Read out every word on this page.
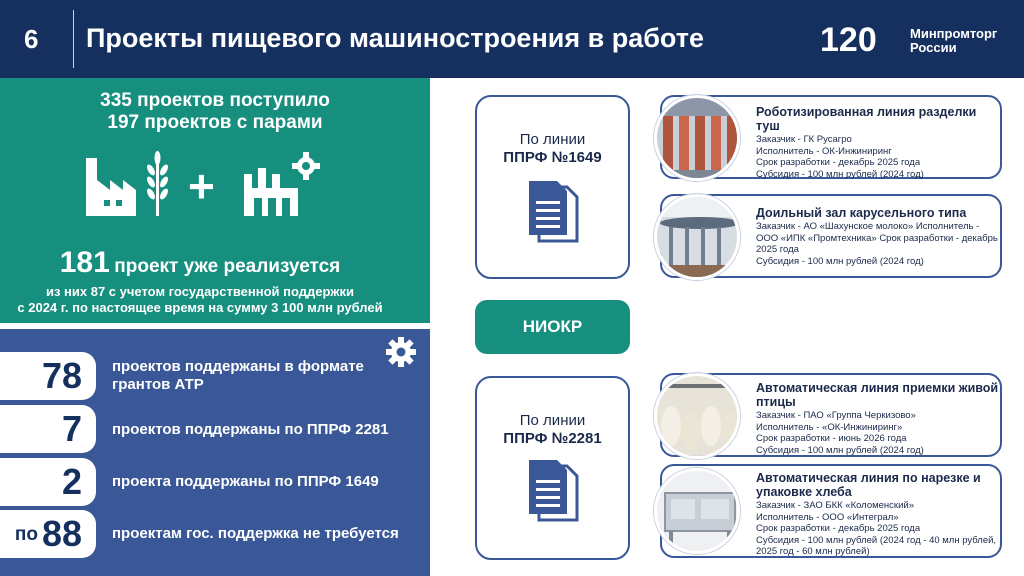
6 Проекты пищевого машиностроения в работе	120	Минпромторг
России
335 проектов поступило
197 проектов с парами
+
181 проект уже реализуется
из них 87 с учетом государственной поддержки
с 2024 г. по настоящее время на сумму 3 100 млн рублей
78	проектов поддержаны в формате грантов АТР
7	проектов поддержаны по ППРФ 2281
2	проекта поддержаны по ППРФ 1649
по 88	проектам гос. поддержка не требуется
По линии
ППРФ №1649
НИОКР
По линии
ППРФ №2281
Роботизированная линия разделки туш
Заказчик - ГК Русагро
Исполнитель - ОК-Инжиниринг
Срок разработки - декабрь 2025 года
Субсидия - 100 млн рублей (2024 год)
Доильный зал карусельного типа
Заказчик - АО «Шахунское молоко» Исполнитель - ООО «ИПК «Промтехника» Срок разработки - декабрь 2025 года
Субсидия - 100 млн рублей (2024 год)
Автоматическая линия приемки живой птицы
Заказчик - ПАО «Группа Черкизово»
Исполнитель - «ОК-Инжиниринг»
Срок разработки - июнь 2026 года
Субсидия - 100 млн рублей (2024 год)
Автоматическая линия по нарезке и упаковке хлеба
Заказчик - ЗАО БКК «Коломенский»
Исполнитель - ООО «Интеграл»
Срок разработки - декабрь 2025 года
Субсидия - 100 млн рублей (2024 год - 40 млн рублей, 2025 год - 60 млн рублей)
